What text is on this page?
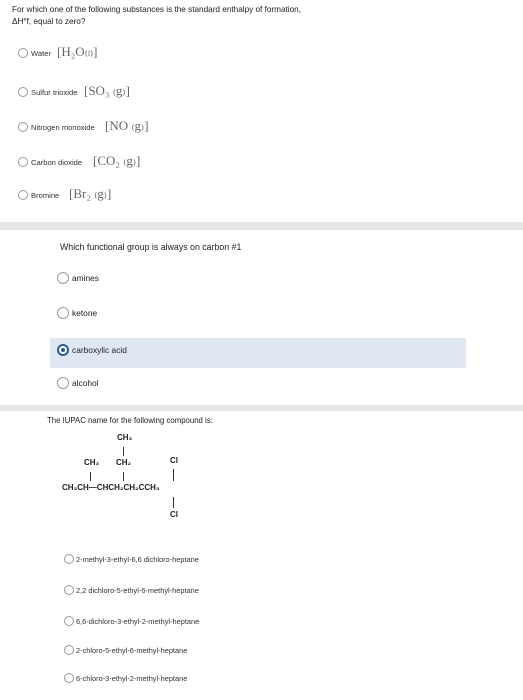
For which one of the following substances is the standard enthalpy of formation,
ΔH°f, equal to zero?
Water [H₂O₍ₗ₎]
Sulfur trioxide [SO₃ ₍g₎]
Nitrogen monoxide [NO ₍g₎]
Carbon dioxide [CO₂ ₍g₎]
Bromine [Br₂ ₍g₎]
Which functional group is always on carbon #1
amines
ketone
carboxylic acid
alcohol
The IUPAC name for the following compound is:
CH₃
CH₃ CH₂	Cl
CH₃CH—CHCH₂CH₂CCH₃
Cl
2-methyl-3-ethyl-6,6 dichloro-heptane
2,2 dichloro-5-ethyl-6-methyl-heptane
6,6-dichloro-3-ethyl-2-methyl-heptane
2-chloro-5-ethyl-6-methyl-heptane
6-chloro-3-ethyl-2-methyl-heptane
